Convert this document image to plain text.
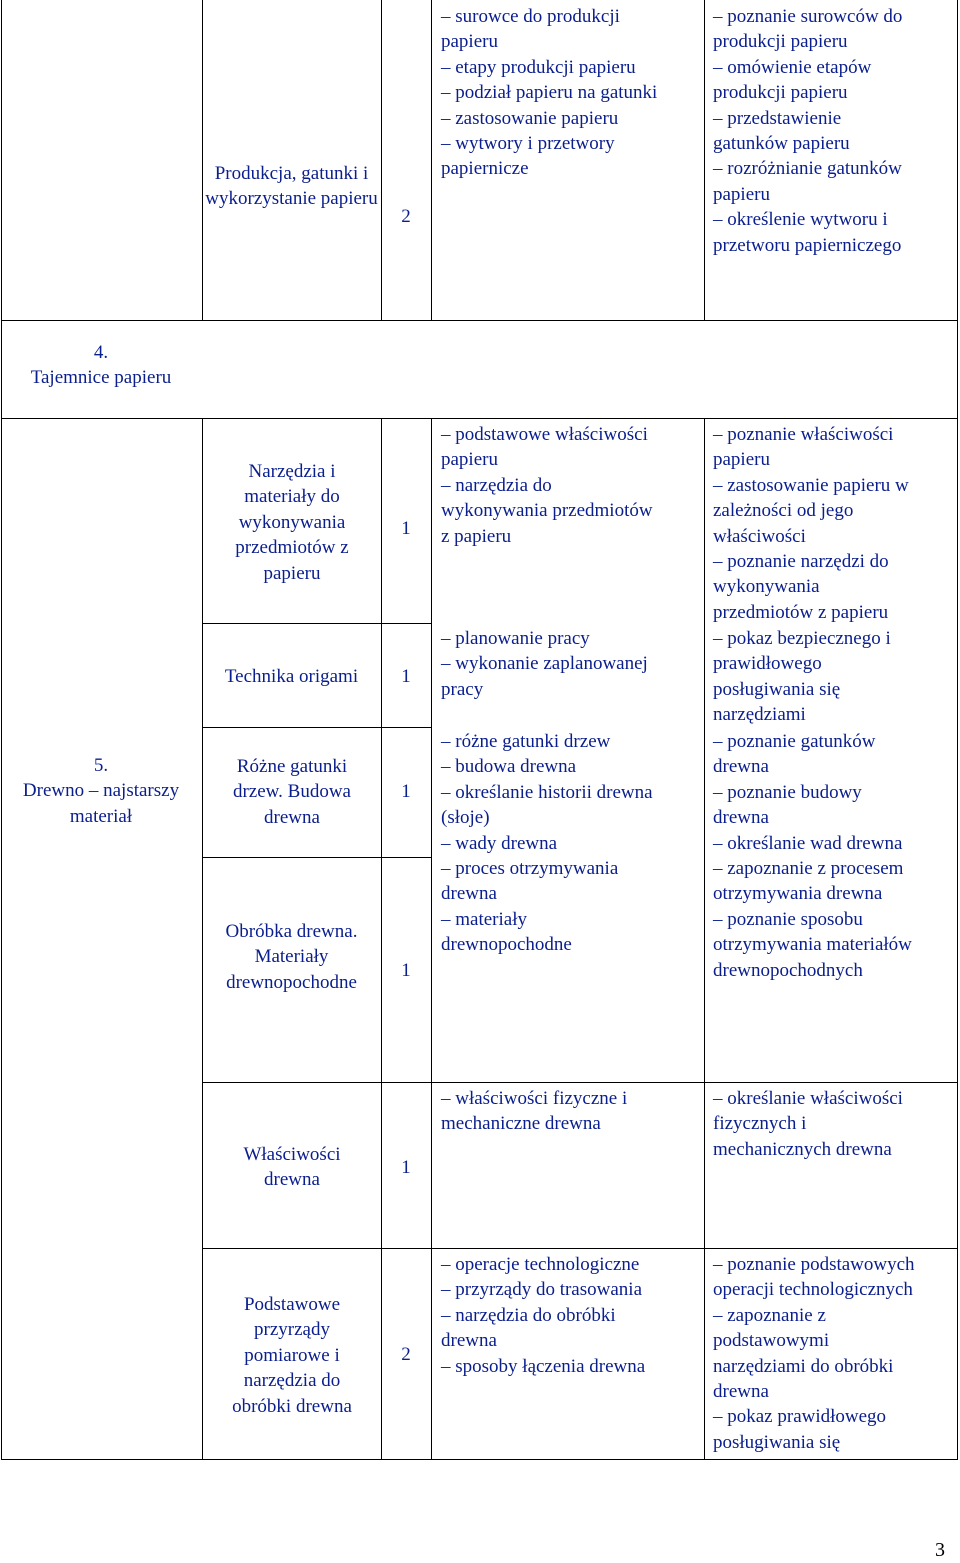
Produkcja, gatunki i wykorzystanie papieru
2
– surowce do produkcji
papieru
– etapy produkcji papieru
– podział papieru na gatunki
– zastosowanie papieru
– wytwory i przetwory
papiernicze
– poznanie surowców do
produkcji papieru
– omówienie etapów
produkcji papieru
– przedstawienie
gatunków papieru
– rozróżnianie gatunków
papieru
– określenie wytworu i
przetworu papierniczego
4.
Tajemnice papieru
5.
Drewno – najstarszy materiał
Narzędzia i materiały do wykonywania przedmiotów z papieru
1
– podstawowe właściwości
papieru
– narzędzia do
wykonywania przedmiotów
z papieru
– poznanie właściwości
papieru
– zastosowanie papieru w
zależności od jego
właściwości
– poznanie narzędzi do
wykonywania
przedmiotów z papieru
Technika origami	1
– planowanie pracy
– wykonanie zaplanowanej
pracy
– pokaz bezpiecznego i
prawidłowego
posługiwania się
narzędziami
Różne gatunki drzew. Budowa drewna
1
– różne gatunki drzew
– budowa drewna
– określanie historii drewna
(słoje)
– wady drewna
– poznanie gatunków
drewna
– poznanie budowy
drewna
– określanie wad drewna
Obróbka drewna. Materiały drewnopochodne
1
– proces otrzymywania
drewna
– materiały
drewnopochodne
– zapoznanie z procesem
otrzymywania drewna
– poznanie sposobu
otrzymywania materiałów
drewnopochodnych
Właściwości drewna
1
– właściwości fizyczne i
mechaniczne drewna
– określanie właściwości
fizycznych i
mechanicznych drewna
Podstawowe przyrządy pomiarowe i narzędzia do obróbki drewna
2
– operacje technologiczne
– przyrządy do trasowania
– narzędzia do obróbki
drewna
– sposoby łączenia drewna
– poznanie podstawowych
operacji technologicznych
– zapoznanie z
podstawowymi
narzędziami do obróbki
drewna
– pokaz prawidłowego
posługiwania się
3
